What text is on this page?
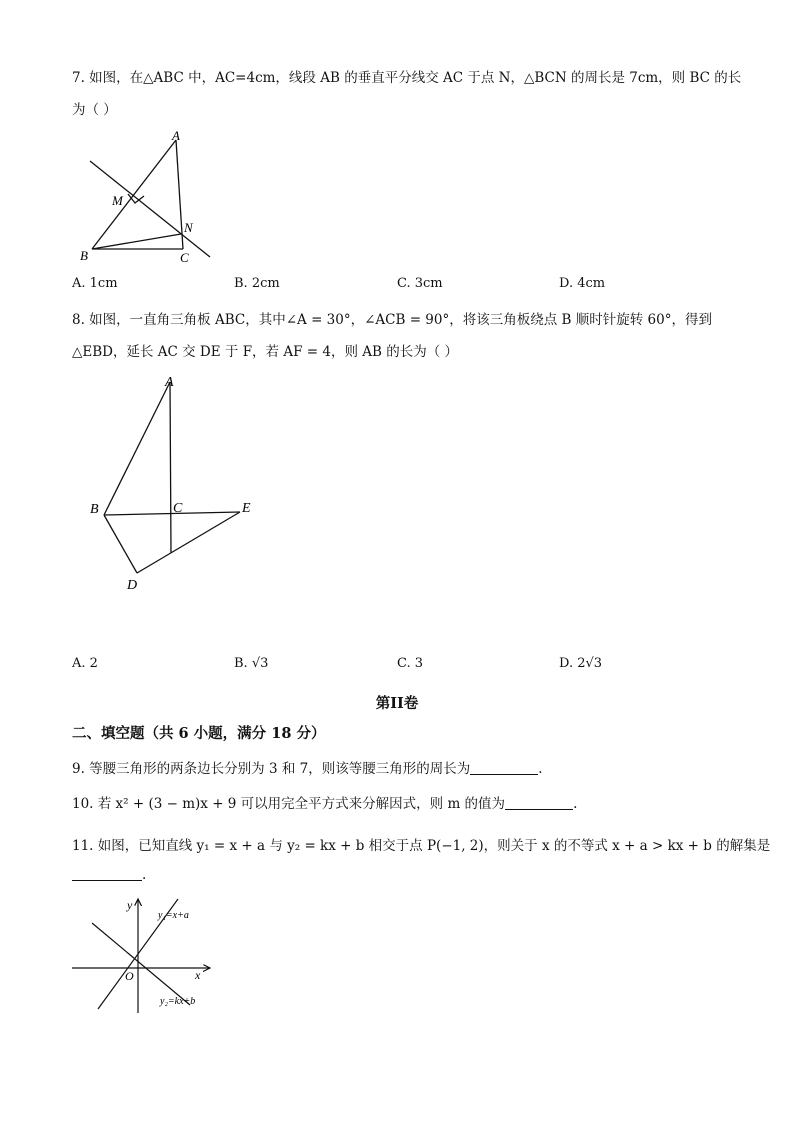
7. 如图，在△ABC 中，AC=4cm，线段 AB 的垂直平分线交 AC 于点 N，△BCN 的周长是 7cm，则 BC 的长
为（ ）
A
M
N
B	C
A. 1cm	B. 2cm	C. 3cm	D. 4cm
8. 如图，一直角三角板 ABC，其中∠A = 30°，∠ACB = 90°，将该三角板绕点 B 顺时针旋转 60°，得到
△EBD，延长 AC 交 DE 于 F，若 AF = 4，则 AB 的长为（ ）
A
B	C	E
D
A. 2	B. √3	C. 3	D. 2√3
第II卷
二、填空题（共 6 小题，满分 18 分）
9. 等腰三角形的两条边长分别为 3 和 7，则该等腰三角形的周长为	.
10. 若 x² + (3 − m)x + 9 可以用完全平方式来分解因式，则 m 的值为	.
11. 如图，已知直线 y₁ = x + a 与 y₂ = kx + b 相交于点 P(−1, 2)，则关于 x 的不等式 x + a > kx + b 的解集是
.
y
x
O
y₁=x+a
y₂=kx+b
